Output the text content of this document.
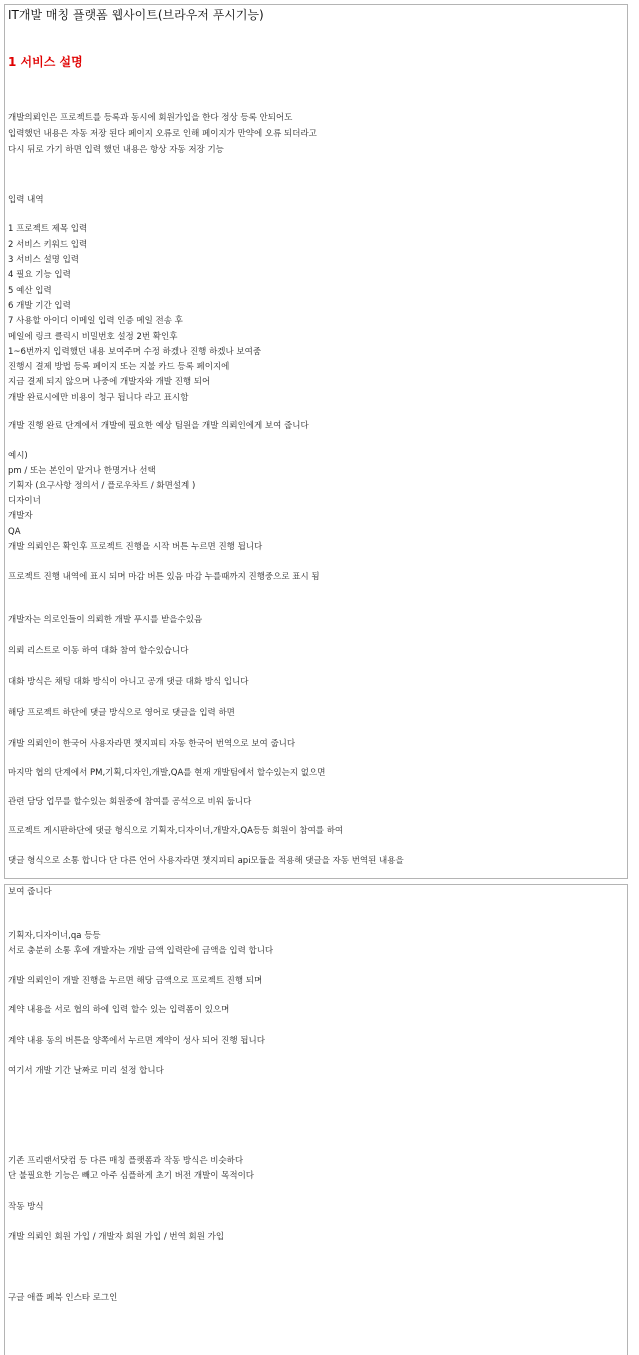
IT개발 매칭 플랫폼 웹사이트(브라우저 푸시기능)
1 서비스 설명
개발의뢰인은 프로젝트를 등록과 동시에 회원가입을 한다 정상 등록 안되어도
입력했던 내용은 자동 저장 된다 페이지 오류로 인해 페이지가 만약에 오류 되더라고
다시 뒤로 가기 하면 입력 했던 내용은 항상 자동 저장 기능
입력 내역
1 프로젝트 제목 입력
2 서비스 키워드 입력
3 서비스 설명 입력
4 필요 기능 입력
5 예산 입력
6 개발 기간 입력
7 사용할 아이디 이메일 입력 인증 메일 전송 후
메일에 링크 클릭시 비밀번호 설정 2번 확인후
1~6번까지 입력했던 내용 보여주며 수정 하겠나 진행 하겠나 보여줌
진행시 결제 방법 등록 페이지 또는 지불 카드 등록 페이지에
지금 결제 되지 않으며 나중에 개발자와 개발 진행 되어
개발 완료시에만 비용이 청구 됩니다 라고 표시함
개발 진행 완료 단계에서 개발에 필요한 예상 팀원을 개발 의뢰인에게 보여 줍니다
예시)
pm / 또는 본인이 맡거나 한명거나 선택
기획자 (요구사항 정의서 / 플로우차트 / 화면설계 )
디자이너
개발자
QA
개발 의뢰인은 확인후 프로젝트 진행을 시작 버튼 누르면 진행 됩니다
프로젝트 진행 내역에 표시 되며 마감 버튼 있음 마감 누를때까지 진행중으로 표시 됨
개발자는 의로인들이 의뢰한 개발 푸시를 받을수있음
의뢰 리스트로 이동 하여 대화 참여 할수있습니다
대화 방식은 채팅 대화 방식이 아니고 공개 댓글 대화 방식 입니다
해당 프로젝트 하단에 댓글 방식으로 영어로 댓글을 입력 하면
개발 의뢰인이 한국어 사용자라면 챗지피티 자동 한국어 번역으로 보여 줍니다
마지막 협의 단계에서 PM,기획,디자인,개발,QA를 현재 개발팀에서 할수있는지 없으면
관련 담당 업무를 할수있는 회원중에 참여를 공석으로 비워 둡니다
프로젝트 게시판하단에 댓글 형식으로 기획자,디자이너,개발자,QA등등 회원이 참여를 하여
댓글 형식으로 소통 합니다 단 다른 언어 사용자라면 챗지피티 api모듈을 적용해 댓글을 자동 번역된 내용을
보여 줍니다
기획자,디자이너,qa 등등
서로 충분히 소통 후에 개발자는 개발 금액 입력란에 금액을 입력 합니다
개발 의뢰인이 개발 진행을 누르면 해당 금액으로 프로젝트 진행 되며
계약 내용을 서로 협의 하에 입력 할수 있는 입력폼이 있으며
계약 내용 동의 버튼을 양쪽에서 누르면 계약이 성사 되어 진행 됩니다
여기서 개발 기간 날짜로 미리 설정 합니다
기존 프리랜서닷컴 등 다른 매칭 플랫폼과 작동 방식은 비슷하다
단 불필요한 기능은 빼고 아주 심플하게 초기 버전 개발이 목적이다
작동 방식
개발 의뢰인 회원 가입 / 개발자 회원 가입 / 번역 회원 가입
구글 애플 페북 인스타 로그인
